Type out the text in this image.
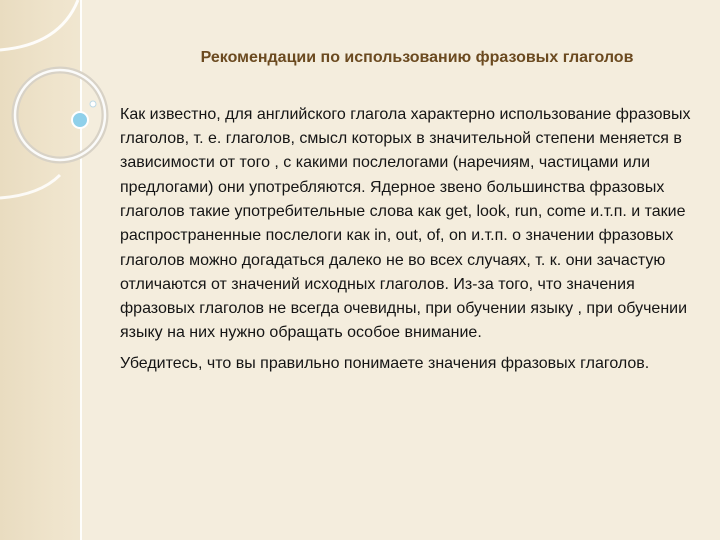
Рекомендации по использованию фразовых глаголов

Как известно, для английского глагола характерно использование фразовых глаголов, т. е. глаголов, смысл которых в значительной степени меняется в зависимости от того , с какими послелогами (наречиям, частицами или предлогами) они употребляются. Ядерное звено большинства фразовых глаголов такие употребительные слова как get, look, run, come и.т.п. и такие распространенные послелоги как in, out, of, on и.т.п. о значении фразовых глаголов можно догадаться далеко не во всех случаях, т. к. они зачастую отличаются от значений исходных глаголов. Из-за того, что значения фразовых глаголов не всегда очевидны, при обучении языку , при обучении языку на них нужно обращать особое внимание.

Убедитесь, что вы правильно понимаете значения фразовых глаголов.
